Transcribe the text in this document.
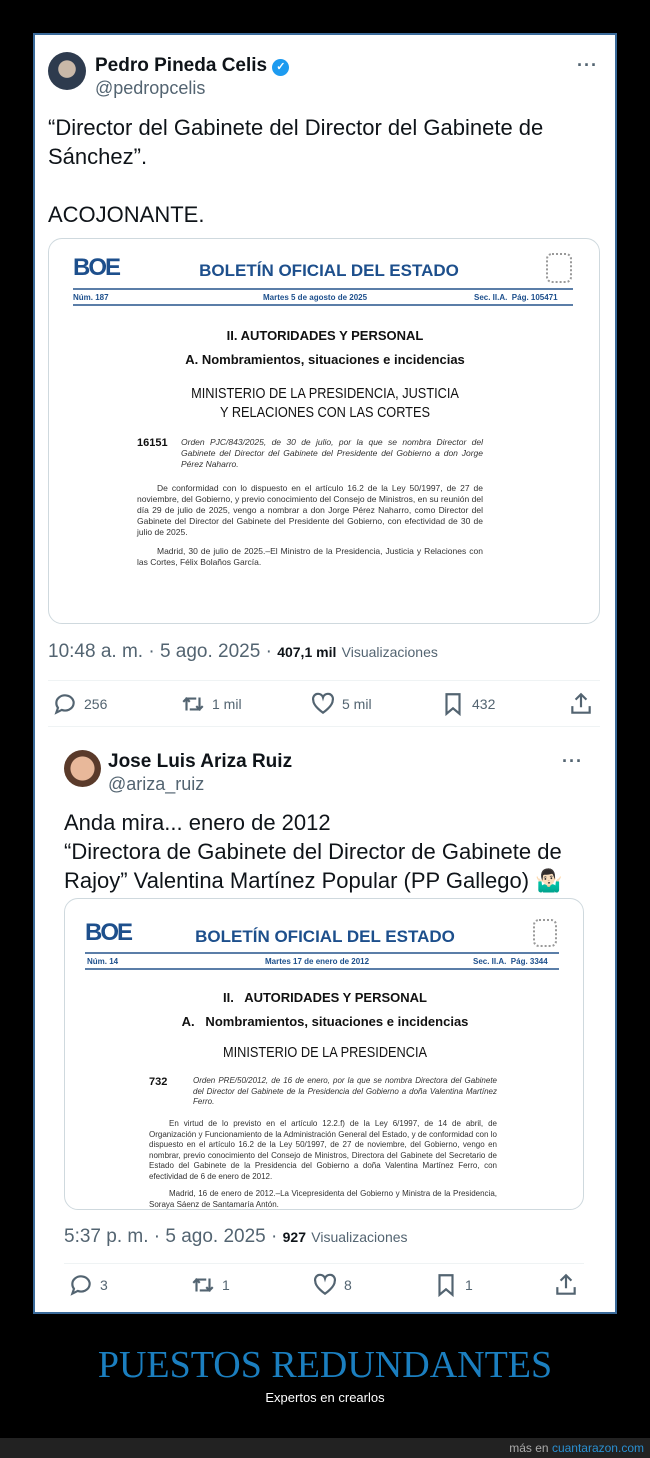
Pedro Pineda Celis ✓
@pedropcelis
···
“Director del Gabinete del Director del Gabinete de
Sánchez”.
ACOJONANTE.
BOE	BOLETÍN OFICIAL DEL ESTADO
Núm. 187	Martes 5 de agosto de 2025	Sec. II.A.  Pág. 105471
II. AUTORIDADES Y PERSONAL
A. Nombramientos, situaciones e incidencias
MINISTERIO DE LA PRESIDENCIA, JUSTICIA
Y RELACIONES CON LAS CORTES
16151 Orden PJC/843/2025, de 30 de julio, por la que se nombra Director del Gabinete del Director del Gabinete del Presidente del Gobierno a don Jorge Pérez Naharro.
De conformidad con lo dispuesto en el artículo 16.2 de la Ley 50/1997, de 27 de noviembre, del Gobierno, y previo conocimiento del Consejo de Ministros, en su reunión del día 29 de julio de 2025, vengo a nombrar a don Jorge Pérez Naharro, como Director del Gabinete del Director del Gabinete del Presidente del Gobierno, con efectividad de 30 de julio de 2025.
Madrid, 30 de julio de 2025.–El Ministro de la Presidencia, Justicia y Relaciones con las Cortes, Félix Bolaños García.
10:48 a. m. · 5 ago. 2025 · 407,1 mil Visualizaciones
256	1 mil	5 mil	432
Jose Luis Ariza Ruiz
@ariza_ruiz
···
Anda mira... enero de 2012
“Directora de Gabinete del Director de Gabinete de
Rajoy” Valentina Martínez Popular (PP Gallego) 🤷🏻‍♂️
BOE	BOLETÍN OFICIAL DEL ESTADO
Núm. 14	Martes 17 de enero de 2012	Sec. II.A.  Pág. 3344
II.   AUTORIDADES Y PERSONAL
A.   Nombramientos, situaciones e incidencias
MINISTERIO DE LA PRESIDENCIA
732	Orden PRE/50/2012, de 16 de enero, por la que se nombra Directora del Gabinete del Director del Gabinete de la Presidencia del Gobierno a doña Valentina Martínez Ferro.
En virtud de lo previsto en el artículo 12.2.f) de la Ley 6/1997, de 14 de abril, de Organización y Funcionamiento de la Administración General del Estado, y de conformidad con lo dispuesto en el artículo 16.2 de la Ley 50/1997, de 27 de noviembre, del Gobierno, vengo en nombrar, previo conocimiento del Consejo de Ministros, Directora del Gabinete del Secretario de Estado del Gabinete de la Presidencia del Gobierno a doña Valentina Martínez Ferro, con efectividad de 6 de enero de 2012.
Madrid, 16 de enero de 2012.–La Vicepresidenta del Gobierno y Ministra de la Presidencia, Soraya Sáenz de Santamaría Antón.
5:37 p. m. · 5 ago. 2025 · 927 Visualizaciones
3	1	8	1
PUESTOS REDUNDANTES
Expertos en crearlos
más en cuantarazon.com
